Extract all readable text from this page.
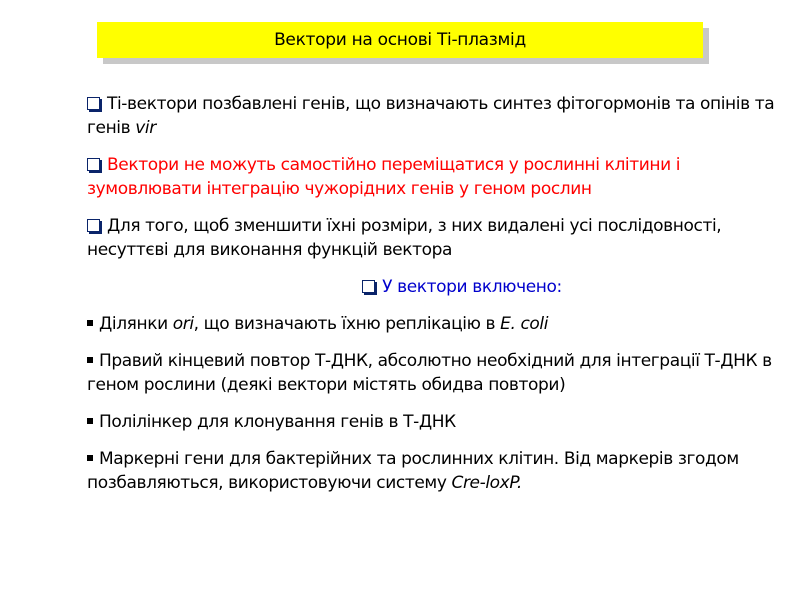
Вектори на основі Ті-плазмід

Ті-вектори позбавлені генів, що визначають синтез фітогормонів та опінів та генів vir

Вектори не можуть самостійно переміщатися у рослинні клітини і зумовлювати інтеграцію чужорідних генів у геном рослин

Для того, щоб зменшити їхні розміри, з них видалені усі послідовності, несуттєві для виконання функцій вектора

У вектори включено:

Ділянки ori, що визначають їхню реплікацію в E. coli

Правий кінцевий повтор Т-ДНК, абсолютно необхідний для інтеграції Т-ДНК в геном рослини (деякі вектори містять обидва повтори)

Полілінкер для клонування генів в Т-ДНК

Маркерні гени для бактерійних та рослинних клітин. Від маркерів згодом позбавляються, використовуючи систему Cre-loxP.
